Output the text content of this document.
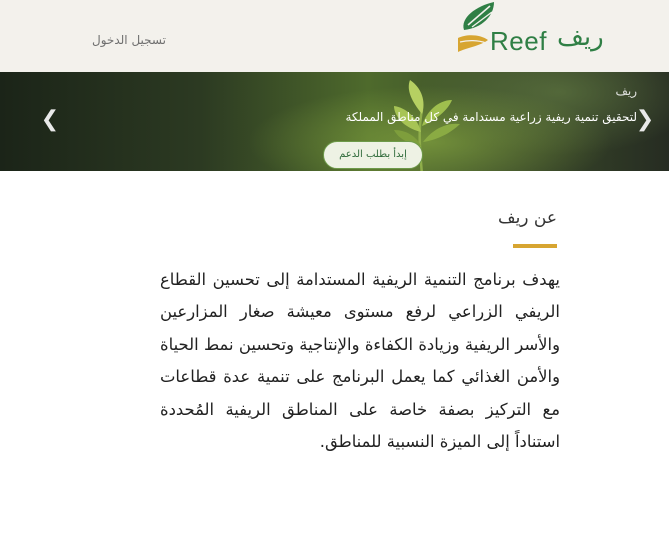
تسجيل الدخول	Reef ريف
ريف
لتحقيق تنمية ريفية زراعية مستدامة في كل مناطق المملكة
إبدأ بطلب الدعم
❮	❯
عن ريف

يهدف برنامج التنمية الريفية المستدامة إلى تحسين القطاع الريفي الزراعي لرفع مستوى معيشة صغار المزارعين والأسر الريفية وزيادة الكفاءة والإنتاجية وتحسين نمط الحياة والأمن الغذائي كما يعمل البرنامج على تنمية عدة قطاعات مع التركيز بصفة خاصة على المناطق الريفية المُحددة استناداً إلى الميزة النسبية للمناطق.
